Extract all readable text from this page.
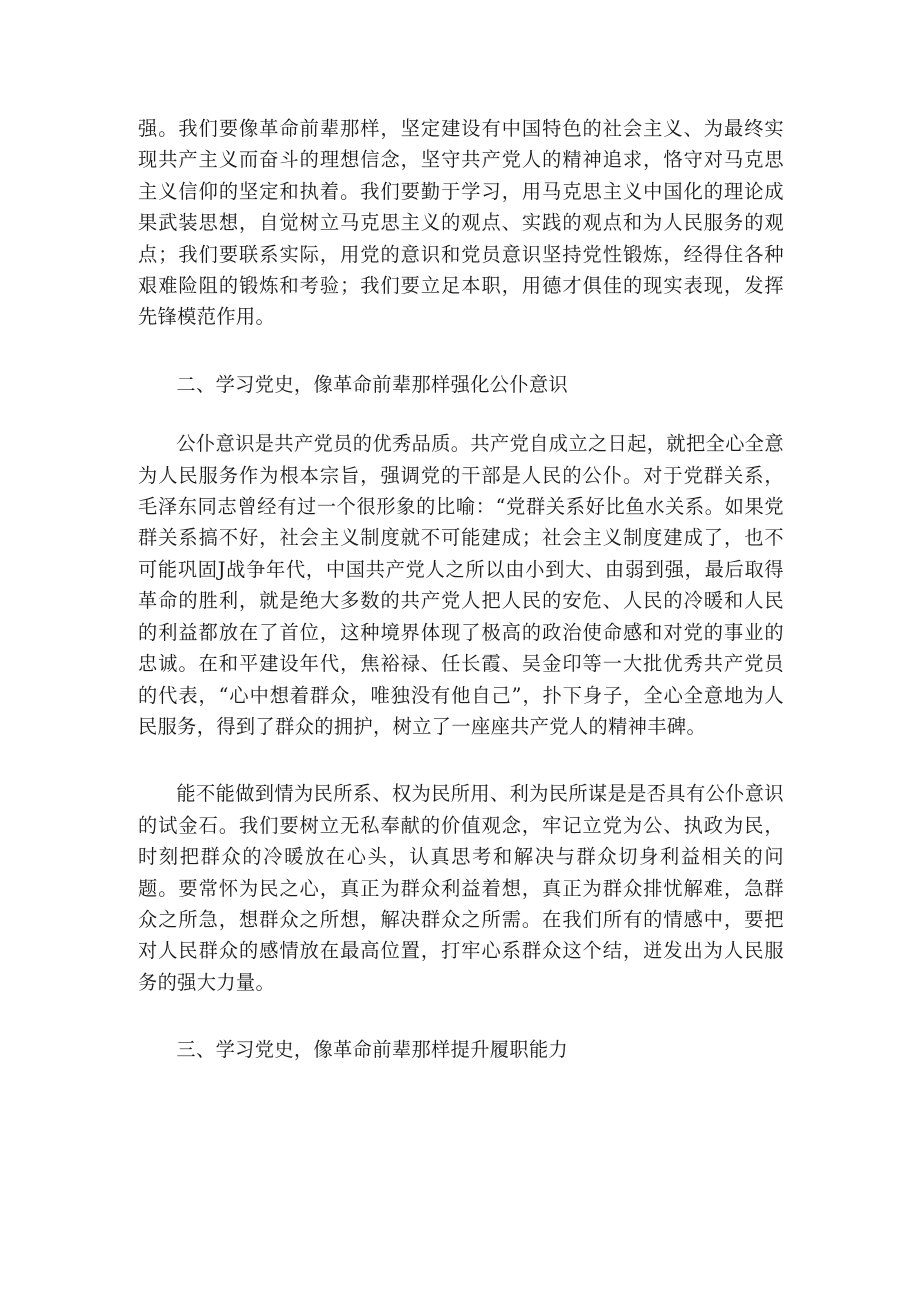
强。我们要像革命前辈那样，坚定建设有中国特色的社会主义、为最终实现共产主义而奋斗的理想信念，坚守共产党人的精神追求，恪守对马克思主义信仰的坚定和执着。我们要勤于学习，用马克思主义中国化的理论成果武装思想，自觉树立马克思主义的观点、实践的观点和为人民服务的观点；我们要联系实际，用党的意识和党员意识坚持党性锻炼，经得住各种艰难险阻的锻炼和考验；我们要立足本职，用德才俱佳的现实表现，发挥先锋模范作用。

二、学习党史，像革命前辈那样强化公仆意识

公仆意识是共产党员的优秀品质。共产党自成立之日起，就把全心全意为人民服务作为根本宗旨，强调党的干部是人民的公仆。对于党群关系，毛泽东同志曾经有过一个很形象的比喻：“党群关系好比鱼水关系。如果党群关系搞不好，社会主义制度就不可能建成；社会主义制度建成了，也不可能巩固J战争年代，中国共产党人之所以由小到大、由弱到强，最后取得革命的胜利，就是绝大多数的共产党人把人民的安危、人民的冷暖和人民的利益都放在了首位，这种境界体现了极高的政治使命感和对党的事业的忠诚。在和平建设年代，焦裕禄、任长霞、吴金印等一大批优秀共产党员的代表，“心中想着群众，唯独没有他自己”，扑下身子，全心全意地为人民服务，得到了群众的拥护，树立了一座座共产党人的精神丰碑。

能不能做到情为民所系、权为民所用、利为民所谋是是否具有公仆意识的试金石。我们要树立无私奉献的价值观念，牢记立党为公、执政为民，时刻把群众的冷暖放在心头，认真思考和解决与群众切身利益相关的问题。要常怀为民之心，真正为群众利益着想，真正为群众排忧解难，急群众之所急，想群众之所想，解决群众之所需。在我们所有的情感中，要把对人民群众的感情放在最高位置，打牢心系群众这个结，迸发出为人民服务的强大力量。

三、学习党史，像革命前辈那样提升履职能力
